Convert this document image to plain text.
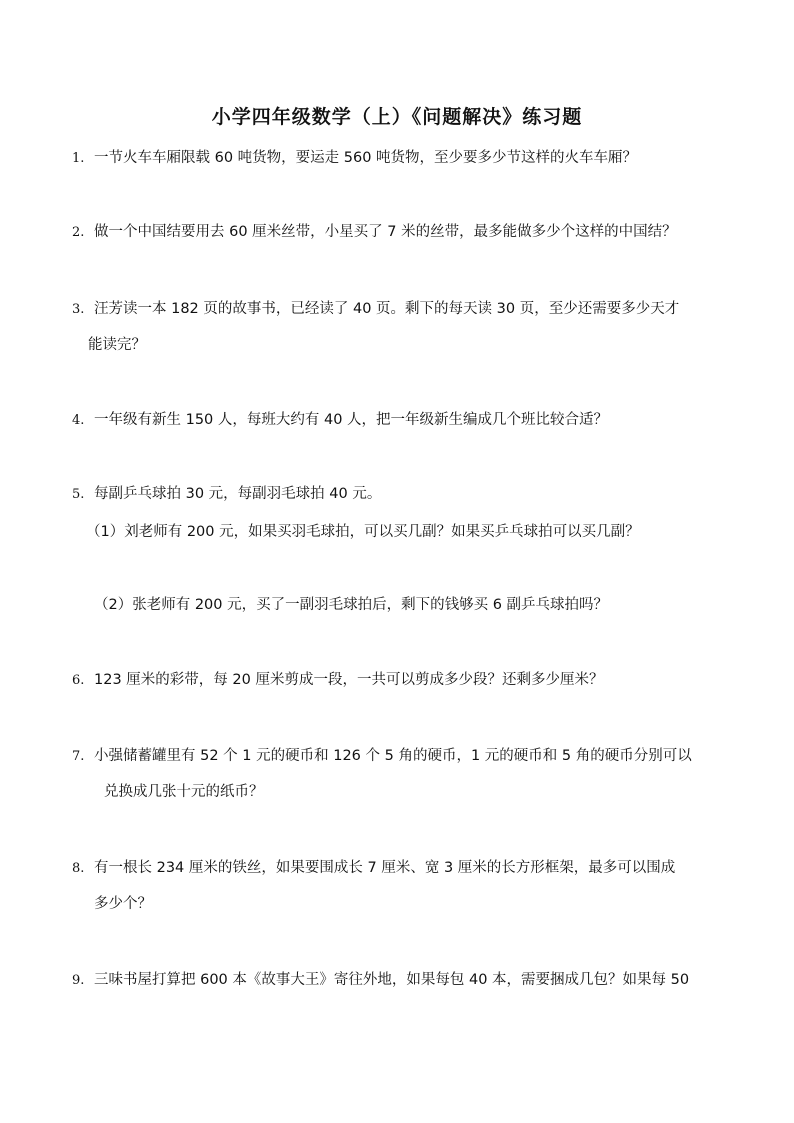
小学四年级数学（上）《问题解决》练习题
1. 一节火车车厢限载 60 吨货物，要运走 560 吨货物，至少要多少节这样的火车车厢？
2. 做一个中国结要用去 60 厘米丝带，小星买了 7 米的丝带，最多能做多少个这样的中国结？
3. 汪芳读一本 182 页的故事书，已经读了 40 页。剩下的每天读 30 页，至少还需要多少天才
能读完？
4. 一年级有新生 150 人，每班大约有 40 人，把一年级新生编成几个班比较合适？
5. 每副乒乓球拍 30 元，每副羽毛球拍 40 元。
（1）刘老师有 200 元，如果买羽毛球拍，可以买几副？如果买乒乓球拍可以买几副？
（2）张老师有 200 元，买了一副羽毛球拍后，剩下的钱够买 6 副乒乓球拍吗？
6. 123 厘米的彩带，每 20 厘米剪成一段，一共可以剪成多少段？还剩多少厘米？
7. 小强储蓄罐里有 52 个 1 元的硬币和 126 个 5 角的硬币，1 元的硬币和 5 角的硬币分别可以
兑换成几张十元的纸币？
8. 有一根长 234 厘米的铁丝，如果要围成长 7 厘米、宽 3 厘米的长方形框架，最多可以围成
多少个？
9. 三味书屋打算把 600 本《故事大王》寄往外地，如果每包 40 本，需要捆成几包？如果每 50
